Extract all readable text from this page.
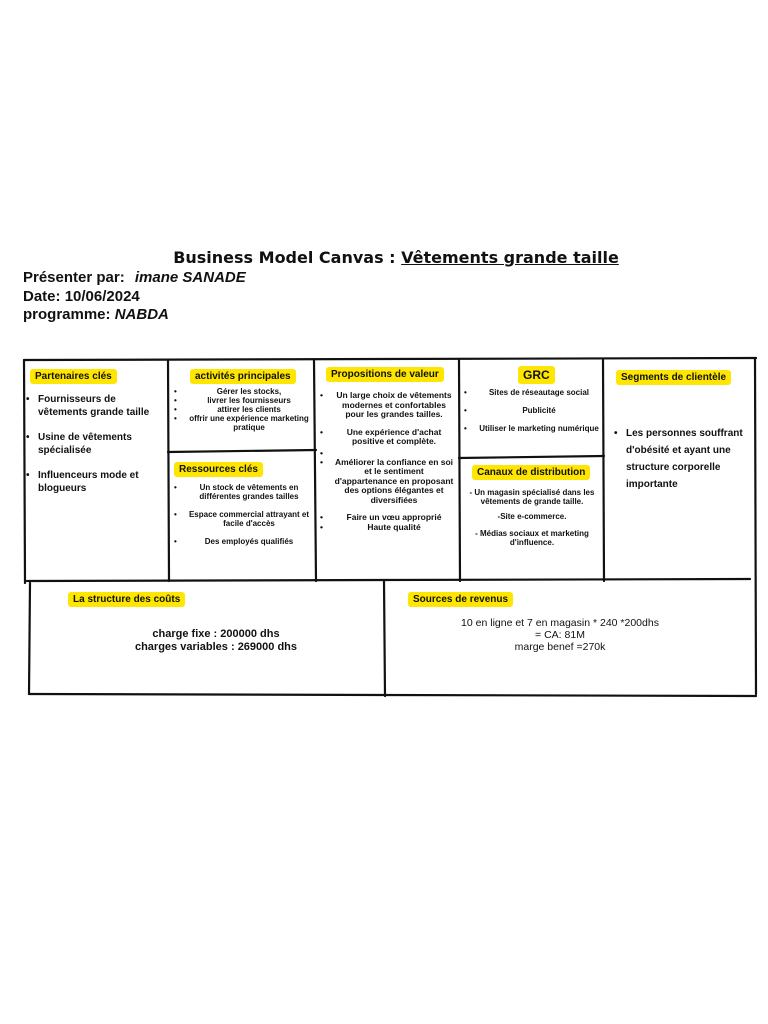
Business Model Canvas : Vêtements grande taille
Présenter par: imane SANADE
Date: 10/06/2024
programme: NABDA
Partenaires clés
• Fournisseurs de vêtements grande taille
• Usine de vêtements spécialisée
• Influenceurs mode et blogueurs
activités principales
• Gérer les stocks,
• livrer les fournisseurs
• attirer les clients
• offrir une expérience marketing pratique
Ressources clés
• Un stock de vêtements en différentes grandes tailles
• Espace commercial attrayant et facile d'accès
• Des employés qualifiés
Propositions de valeur
• Un large choix de vêtements modernes et confortables pour les grandes tailles.
• Une expérience d'achat positive et complète.
•
• Améliorer la confiance en soi et le sentiment d'appartenance en proposant des options élégantes et diversifiées
• Faire un vœu approprié
• Haute qualité
GRC
• Sites de réseautage social
• Publicité
• Utiliser le marketing numérique
Canaux de distribution

- Un magasin spécialisé dans les vêtements de grande taille.

-Site e-commerce.

- Médias sociaux et marketing d'influence.

Segments de clientèle
• Les personnes souffrant d'obésité et ayant une structure corporelle importante
La structure des coûts

charge fixe : 200000 dhs

charges variables : 269000 dhs

Sources de revenus

10 en ligne et 7 en magasin * 240 *200dhs

= CA: 81M

marge benef =270k
